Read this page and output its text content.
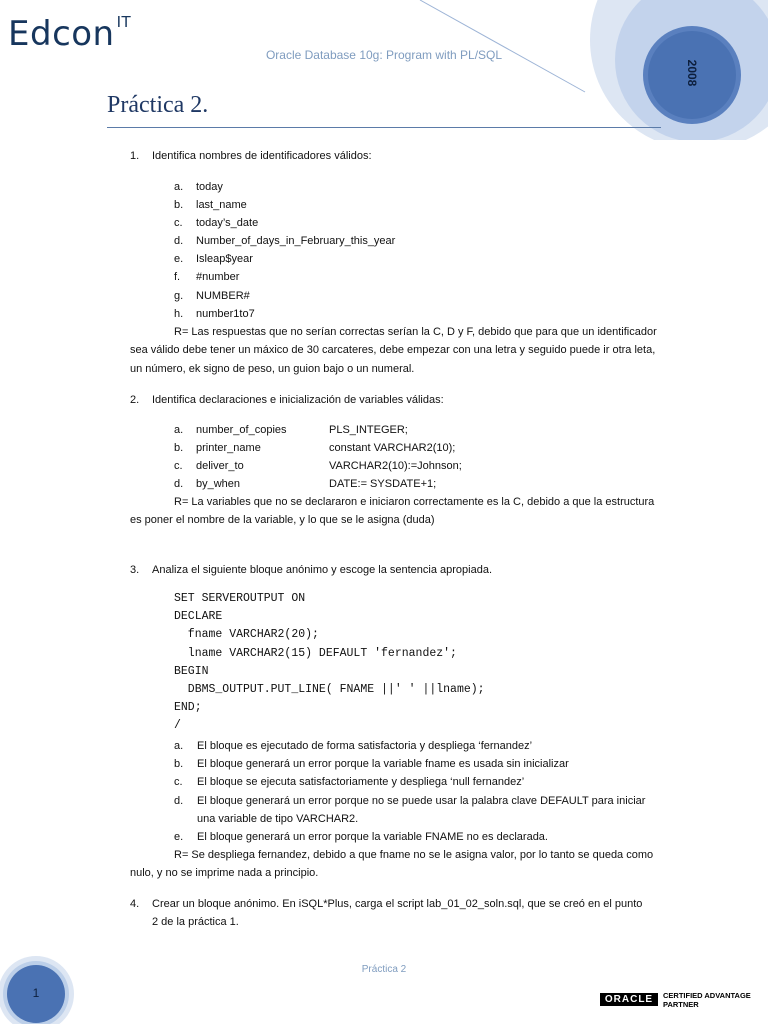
2008
Edcon $^{IT}$
Oracle Database 10g: Program with PL/SQL
Práctica 2.
1. Identifica nombres de identificadores válidos:
a. today
b. last_name
c. today’s_date
d. Number_of_days_in_February_this_year
e. Isleap$year
f. #number
g. NUMBER#
h. number1to7
R= Las respuestas que no serían correctas serían la C, D y F, debido que para que un identificador sea válido debe tener un máxico de 30 carcateres, debe empezar con una letra y seguido puede ir otra leta, un número, ek signo de peso, un guion bajo o un numeral.
2. Identifica declaraciones e inicialización de variables válidas:
a. number_of_copies	PLS_INTEGER;
b. printer_name	constant VARCHAR2(10);
c. deliver_to	VARCHAR2(10):=Johnson;
d. by_when	DATE:= SYSDATE+1;
R= La variables que no se declararon e iniciaron correctamente es la C, debido a que la estructura es poner el nombre de la variable, y lo que se le asigna (duda)
3. Analiza el siguiente bloque anónimo y escoge la sentencia apropiada.
SET SERVEROUTPUT ON
DECLARE
fname VARCHAR2(20);
lname VARCHAR2(15) DEFAULT 'fernandez';
BEGIN
DBMS_OUTPUT.PUT_LINE( FNAME ||' ' ||lname);
END;
/
a. El bloque es ejecutado de forma satisfactoria y despliega ‘fernandez’
b. El bloque generará un error porque la variable fname es usada sin inicializar
c. El bloque se ejecuta satisfactoriamente y despliega ‘null fernandez’
d. El bloque generará un error porque no se puede usar la palabra clave DEFAULT para iniciar
una variable de tipo VARCHAR2.
e. El bloque generará un error porque la variable FNAME no es declarada.
R= Se despliega fernandez, debido a que fname no se le asigna valor, por lo tanto se queda como nulo, y no se imprime nada a principio.
4. Crear un bloque anónimo. En iSQL*Plus, carga el script lab_01_02_soln.sql, que se creó en el punto
2 de la práctica 1.
Práctica 2
1	ORACLE	CERTIFIED ADVANTAGE
PARTNER
